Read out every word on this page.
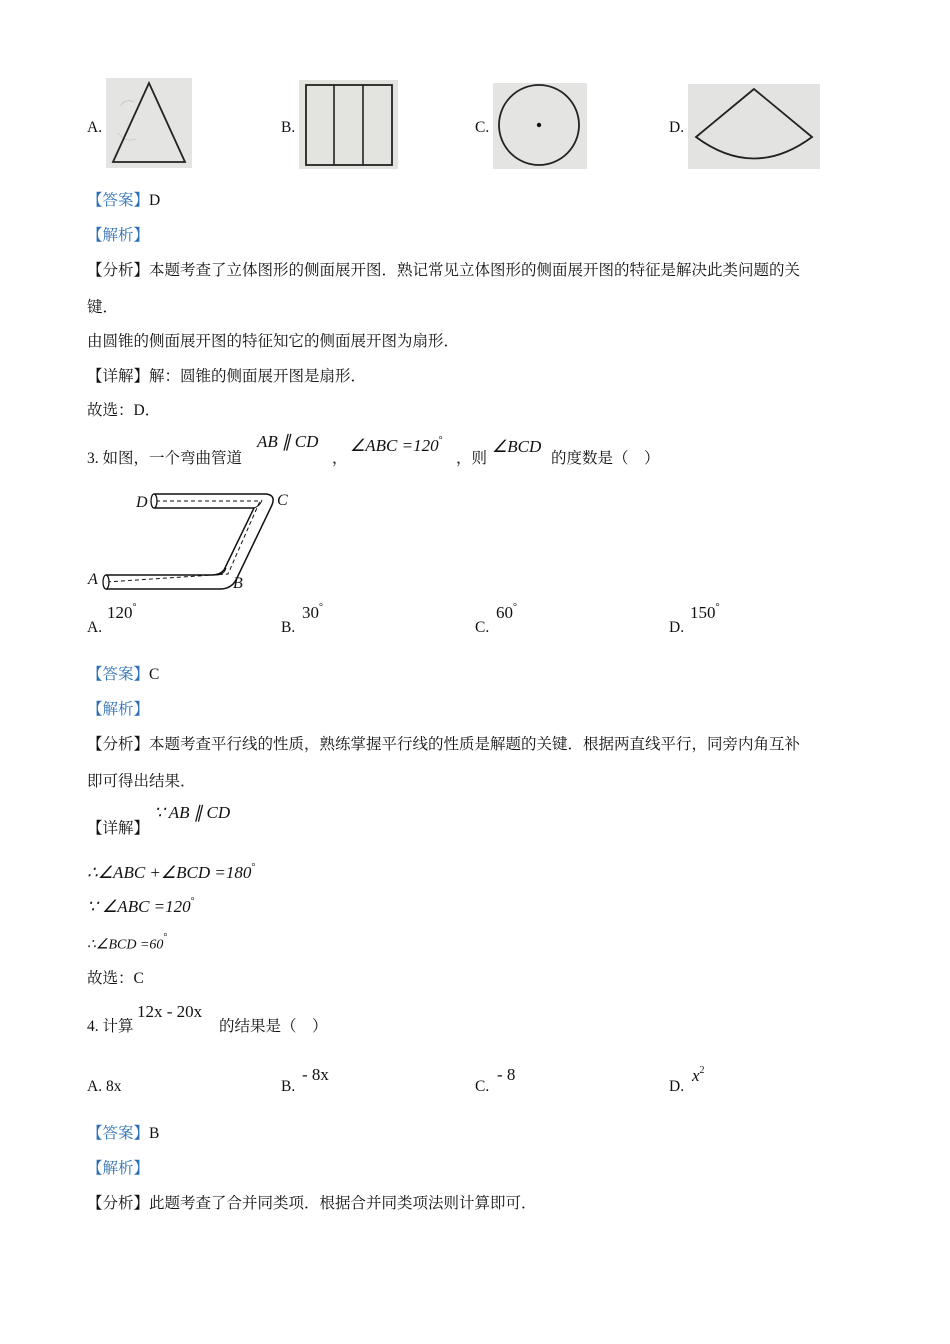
A.	B.	C.	D.
【答案】D
【解析】
【分析】本题考查了立体图形的侧面展开图．熟记常见立体图形的侧面展开图的特征是解决此类问题的关
键．
由圆锥的侧面展开图的特征知它的侧面展开图为扇形．
【详解】解：圆锥的侧面展开图是扇形．
故选：D．
3. 如图，一个弯曲管道
AB ∥ CD
，
∠ABC =120°
，则
∠BCD
的度数是（　）
D	C
A	B
A.
120°
B.
30°
C.
60°
D.
150°
【答案】C
【解析】
【分析】本题考查平行线的性质，熟练掌握平行线的性质是解题的关键．根据两直线平行，同旁内角互补
即可得出结果．
【详解】
∵ AB ∥ CD
∴∠ABC +∠BCD =180°
∵ ∠ABC =120°
∴∠BCD =60°
故选：C
4. 计算
12x - 20x
的结果是（　）
A. 8x	B.
- 8x
C.
- 8
D.
$x^2$
【答案】B
【解析】
【分析】此题考查了合并同类项．根据合并同类项法则计算即可．
